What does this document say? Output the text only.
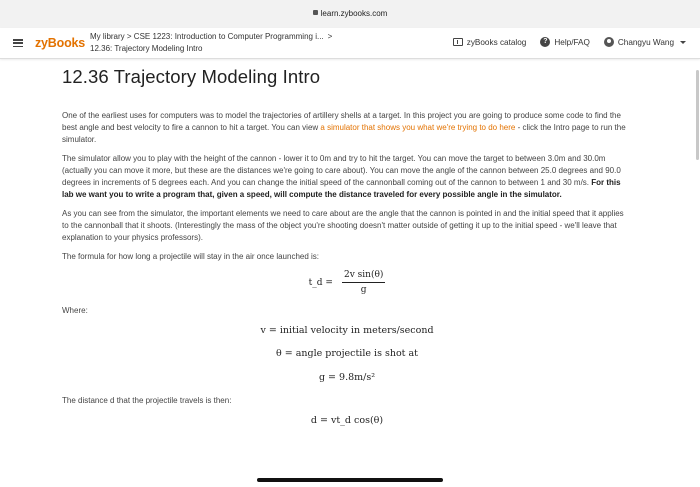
learn.zybooks.com
zyBooks My library > CSE 1223: Introduction to Computer Programming i... >
12.36: Trajectory Modeling Intro
zyBooks catalog	? Help/FAQ	Changyu Wang
12.36 Trajectory Modeling Intro

One of the earliest uses for computers was to model the trajectories of artillery shells at a target. In this project you are going to produce some code to find the best angle and best velocity to fire a cannon to hit a target. You can view a simulator that shows you what we're trying to do here - click the Intro page to run the simulator.

The simulator allow you to play with the height of the cannon - lower it to 0m and try to hit the target. You can move the target to between 3.0m and 30.0m (actually you can move it more, but these are the distances we're going to care about). You can move the angle of the cannon between 25.0 degrees and 90.0 degrees in increments of 5 degrees each. And you can change the initial speed of the cannonball coming out of the cannon to between 1 and 30 m/s. For this lab we want you to write a program that, given a speed, will compute the distance traveled for every possible angle in the simulator.

As you can see from the simulator, the important elements we need to care about are the angle that the cannon is pointed in and the initial speed that it applies to the cannonball that it shoots. (Interestingly the mass of the object you're shooting doesn't matter outside of getting it up to the initial speed - we'll leave that explanation to your physics professors).

The formula for how long a projectile will stay in the air once launched is:

t_d = $\frac{\text{2v sin(θ)}}{g}$

Where:

v = initial velocity in meters/second
θ = angle projectile is shot at
g = 9.8m/s²

The distance d that the projectile travels is then:

d = vt_d cos(θ)
